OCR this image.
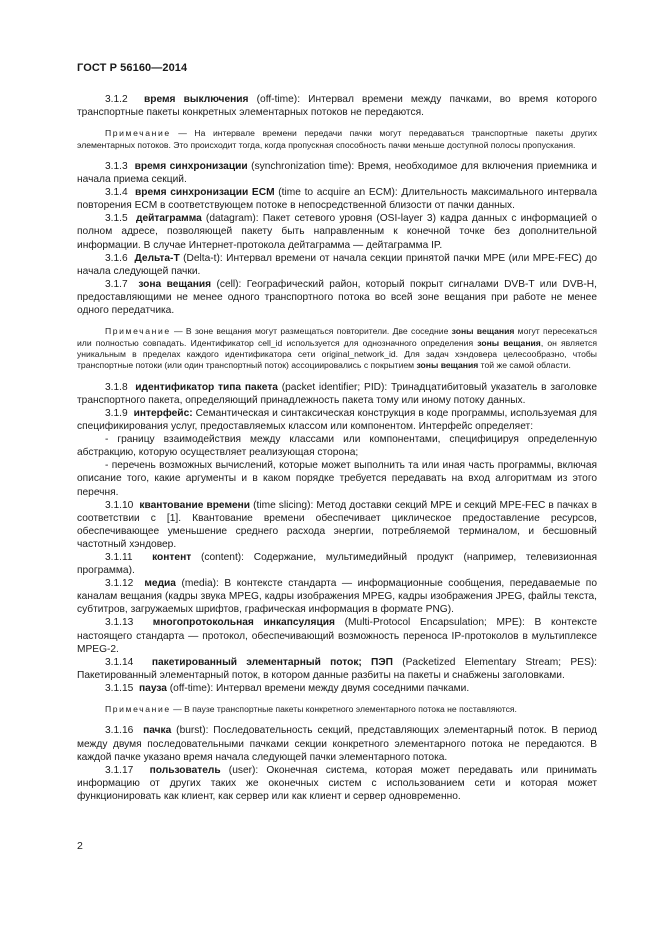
ГОСТ Р 56160—2014

3.1.2 время выключения (off-time): Интервал времени между пачками, во время которого транспортные пакеты конкретных элементарных потоков не передаются.

Примечание — На интервале времени передачи пачки могут передаваться транспортные пакеты других элементарных потоков. Это происходит тогда, когда пропускная способность пачки меньше доступной полосы пропускания.

3.1.3 время синхронизации (synchronization time): Время, необходимое для включения приемника и начала приема секций.

3.1.4 время синхронизации ECM (time to acquire an ECM): Длительность максимального интервала повторения ECM в соответствующем потоке в непосредственной близости от пачки данных.

3.1.5 дейтаграмма (datagram): Пакет сетевого уровня (OSI-layer 3) кадра данных с информацией о полном адресе, позволяющей пакету быть направленным к конечной точке без дополнительной информации. В случае Интернет-протокола дейтаграмма — дейтаграмма IP.

3.1.6 Дельта-T (Delta-t): Интервал времени от начала секции принятой пачки MPE (или MPE-FEC) до начала следующей пачки.

3.1.7 зона вещания (cell): Географический район, который покрыт сигналами DVB-T или DVB-H, предоставляющими не менее одного транспортного потока во всей зоне вещания при работе не менее одного передатчика.

Примечание — В зоне вещания могут размещаться повторители. Две соседние зоны вещания могут пересекаться или полностью совпадать. Идентификатор cell_id используется для однозначного определения зоны вещания, он является уникальным в пределах каждого идентификатора сети original_network_id. Для задач хэндовера целесообразно, чтобы транспортные потоки (или один транспортный поток) ассоциировались с покрытием зоны вещания той же самой области.

3.1.8 идентификатор типа пакета (packet identifier; PID): Тринадцатибитовый указатель в заголовке транспортного пакета, определяющий принадлежность пакета тому или иному потоку данных.

3.1.9 интерфейс: Семантическая и синтаксическая конструкция в коде программы, используемая для спецификирования услуг, предоставляемых классом или компонентом. Интерфейс определяет:

- границу взаимодействия между классами или компонентами, специфицируя определенную абстракцию, которую осуществляет реализующая сторона;

- перечень возможных вычислений, которые может выполнить та или иная часть программы, включая описание того, какие аргументы и в каком порядке требуется передавать на вход алгоритмам из этого перечня.

3.1.10 квантование времени (time slicing): Метод доставки секций MPE и секций MPE-FEC в пачках в соответствии с [1]. Квантование времени обеспечивает циклическое предоставление ресурсов, обеспечивающее уменьшение среднего расхода энергии, потребляемой терминалом, и бесшовный частотный хэндовер.

3.1.11 контент (content): Содержание, мультимедийный продукт (например, телевизионная программа).

3.1.12 медиа (media): В контексте стандарта — информационные сообщения, передаваемые по каналам вещания (кадры звука MPEG, кадры изображения MPEG, кадры изображения JPEG, файлы текста, субтитров, загружаемых шрифтов, графическая информация в формате PNG).

3.1.13 многопротокольная инкапсуляция (Multi-Protocol Encapsulation; MPE): В контексте настоящего стандарта — протокол, обеспечивающий возможность переноса IP-протоколов в мультиплексе MPEG-2.

3.1.14 пакетированный элементарный поток; ПЭП (Packetized Elementary Stream; PES): Пакетированный элементарный поток, в котором данные разбиты на пакеты и снабжены заголовками.

3.1.15 пауза (off-time): Интервал времени между двумя соседними пачками.

Примечание — В паузе транспортные пакеты конкретного элементарного потока не поставляются.

3.1.16 пачка (burst): Последовательность секций, представляющих элементарный поток. В период между двумя последовательными пачками секции конкретного элементарного потока не передаются. В каждой пачке указано время начала следующей пачки элементарного потока.

3.1.17 пользователь (user): Оконечная система, которая может передавать или принимать информацию от других таких же оконечных систем с использованием сети и которая может функционировать как клиент, как сервер или как клиент и сервер одновременно.

2
